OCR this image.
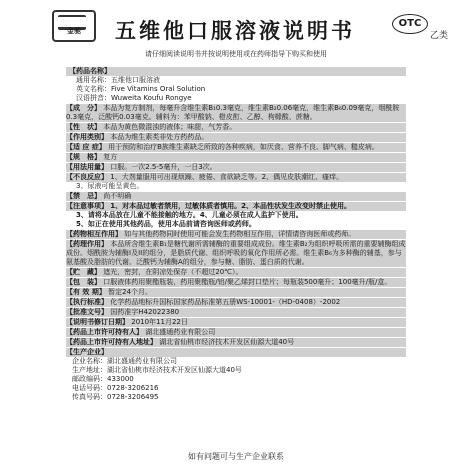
金驰	五维他口服溶液说明书	OTC
乙类
请仔细阅读说明书并按说明使用或在药师指导下购买和使用
【药品名称】
通用名称：五维他口服溶液
英文名称：Five Vitamins Oral Solution
汉语拼音：Wuweita Koufu Rongye
【成　分】 本品为复方制剂，每毫升含维生素B₁0.3毫克，维生素B₂0.06毫克，维生素B₆0.09毫克，烟酰胺0.3毫克，泛酸钙0.03毫克。辅料为：苯甲酸钠、橙皮酊、乙醇、枸橼酸、蔗糖。
【性　状】 本品为黄色微混浊的液体；味甜，气芳香。
【作用类别】 本品为维生素类非处方药药品。
【适 应 症】 用于预防和治疗B族维生素缺乏所致的各种疾病，如厌食、营养不良、脚气病、糙皮病。
【规　格】 复方
【用法用量】 口服。一次2.5-5毫升，一日3次。
【不良反应】 1、大剂量服用可出现烦躁、疲倦、食欲缺乏等。2、偶见皮肤潮红、瘙痒。
3、尿液可能呈黄色。
【禁　忌】 尚不明确
【注意事项】 1、对本品过敏者禁用，过敏体质者慎用。2、本品性状发生改变时禁止使用。
3、请将本品放在儿童不能接触的地方。4、儿童必须在成人监护下使用。
5、如正在使用其他药品，使用本品前请咨询医师或药师。
【药物相互作用】 如与其他药物同时使用可能会发生药物相互作用，详情请咨询医师或药师。
【药理作用】 本品所含维生素B₁是糖代谢所需辅酶的重要组成成份。维生素B₂为组织呼吸所需的重要辅酶组成成份。烟酰胺为辅酶I及II的组分，是脂质代谢、组织呼吸的氧化作用所必需。维生素B₆为多种酶的辅基，参与氨基酸及脂肪的代谢。泛酸钙为辅酶A的组分，参与糖、脂肪、蛋白质的代谢。
【贮　藏】 遮光，密封，在阴凉处保存（不超过20℃）。
【包　装】 口服液体药用聚酯瓶装，药用聚酯瓶/铝/聚乙烯封口垫片；每瓶装500毫升；100毫升/瓶/盒。
【有 效 期】 暂定24个月。
【执行标准】 化学药品地标升国标国家药品标准第五册WS-10001-（HD-0408）-2002
【批准文号】 国药准字H42022380
【说明书修订日期】 2010年11月22日
【药品上市许可持有人】 湖北盛通药业有限公司
【药品上市许可持有人地址】 湖北省仙桃市经济技术开发区仙源大道40号
【生产企业】
企业名称：湖北盛通药业有限公司
生产地址：湖北省仙桃市经济技术开发区仙源大道40号
邮政编码：433000
电话号码：0728-3206216
传真号码：0728-3206495
如有问题可与生产企业联系
